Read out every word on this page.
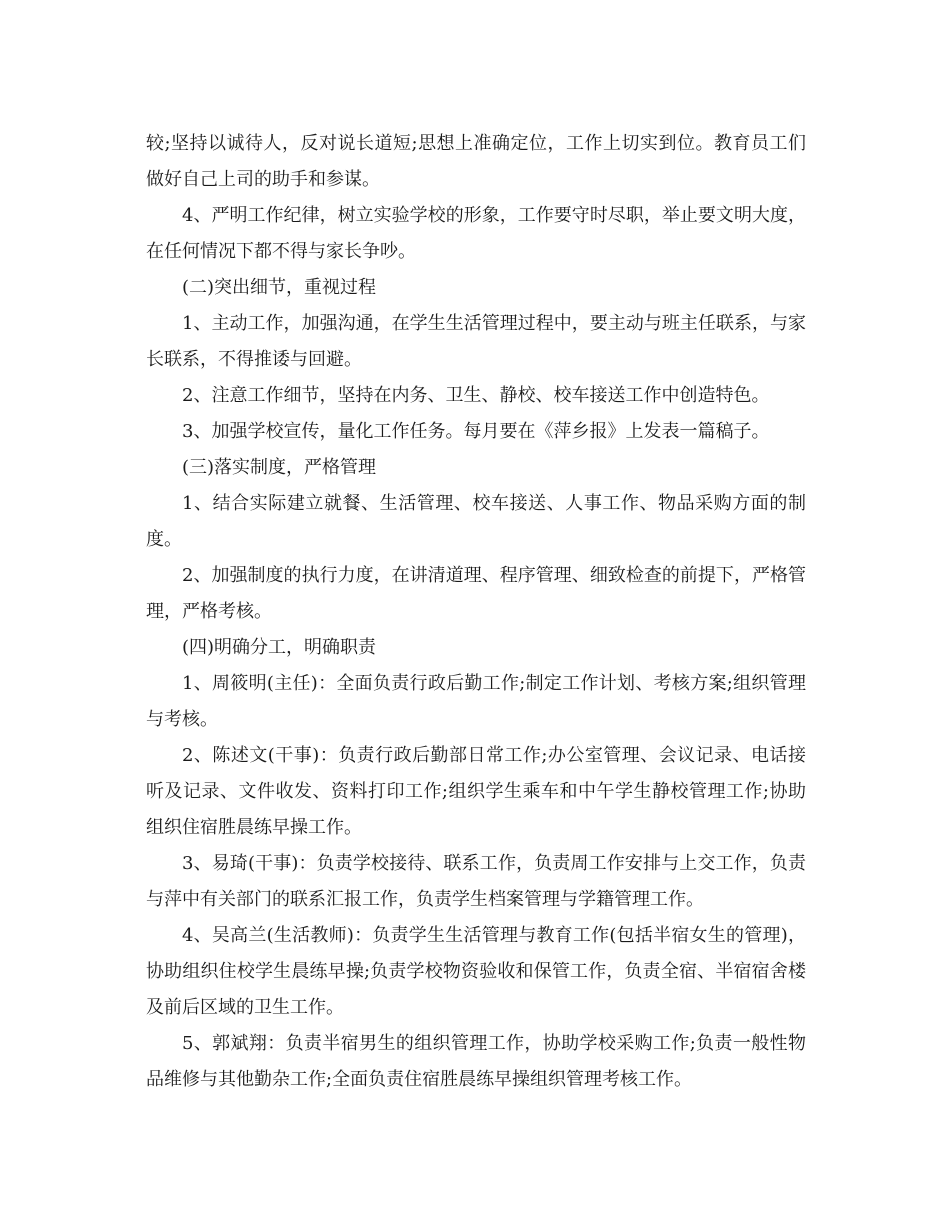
较;坚持以诚待人，反对说长道短;思想上准确定位，工作上切实到位。教育员工们做好自己上司的助手和参谋。

4、严明工作纪律，树立实验学校的形象，工作要守时尽职，举止要文明大度，在任何情况下都不得与家长争吵。

(二)突出细节，重视过程

1、主动工作，加强沟通，在学生生活管理过程中，要主动与班主任联系，与家长联系，不得推诿与回避。

2、注意工作细节，坚持在内务、卫生、静校、校车接送工作中创造特色。

3、加强学校宣传，量化工作任务。每月要在《萍乡报》上发表一篇稿子。

(三)落实制度，严格管理

1、结合实际建立就餐、生活管理、校车接送、人事工作、物品采购方面的制度。

2、加强制度的执行力度，在讲清道理、程序管理、细致检查的前提下，严格管理，严格考核。

(四)明确分工，明确职责

1、周筱明(主任)：全面负责行政后勤工作;制定工作计划、考核方案;组织管理与考核。

2、陈述文(干事)：负责行政后勤部日常工作;办公室管理、会议记录、电话接听及记录、文件收发、资料打印工作;组织学生乘车和中午学生静校管理工作;协助组织住宿胜晨练早操工作。

3、易琦(干事)：负责学校接待、联系工作，负责周工作安排与上交工作，负责与萍中有关部门的联系汇报工作，负责学生档案管理与学籍管理工作。

4、吴高兰(生活教师)：负责学生生活管理与教育工作(包括半宿女生的管理)，协助组织住校学生晨练早操;负责学校物资验收和保管工作，负责全宿、半宿宿舍楼及前后区域的卫生工作。

5、郭斌翔：负责半宿男生的组织管理工作，协助学校采购工作;负责一般性物品维修与其他勤杂工作;全面负责住宿胜晨练早操组织管理考核工作。
